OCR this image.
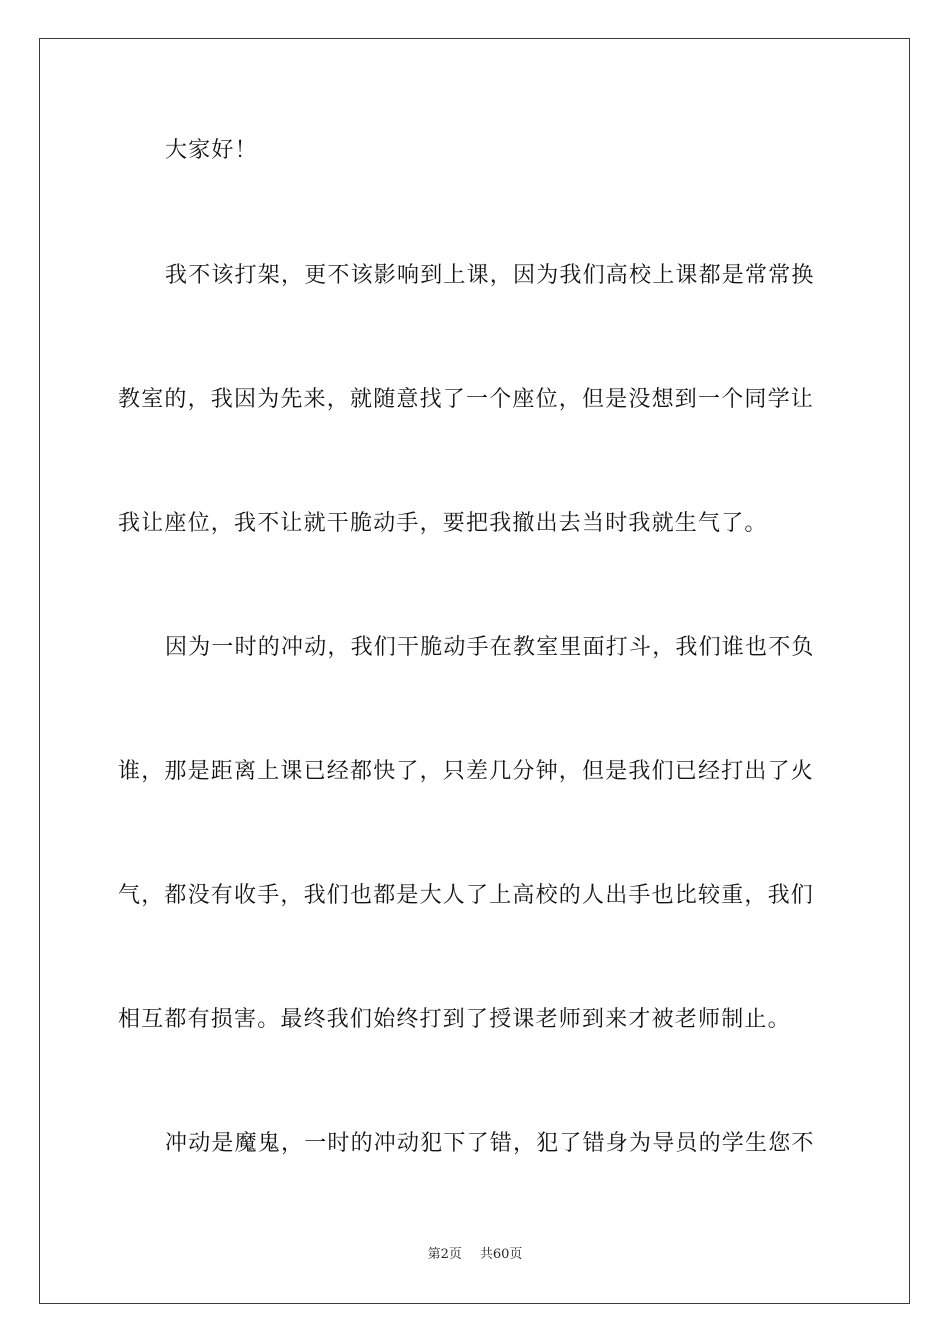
大家好！
我不该打架，更不该影响到上课，因为我们高校上课都是常常换
教室的，我因为先来，就随意找了一个座位，但是没想到一个同学让
我让座位，我不让就干脆动手，要把我撤出去当时我就生气了。
因为一时的冲动，我们干脆动手在教室里面打斗，我们谁也不负
谁，那是距离上课已经都快了，只差几分钟，但是我们已经打出了火
气，都没有收手，我们也都是大人了上高校的人出手也比较重，我们
相互都有损害。最终我们始终打到了授课老师到来才被老师制止。
冲动是魔鬼，一时的冲动犯下了错，犯了错身为导员的学生您不
第2页 共60页
